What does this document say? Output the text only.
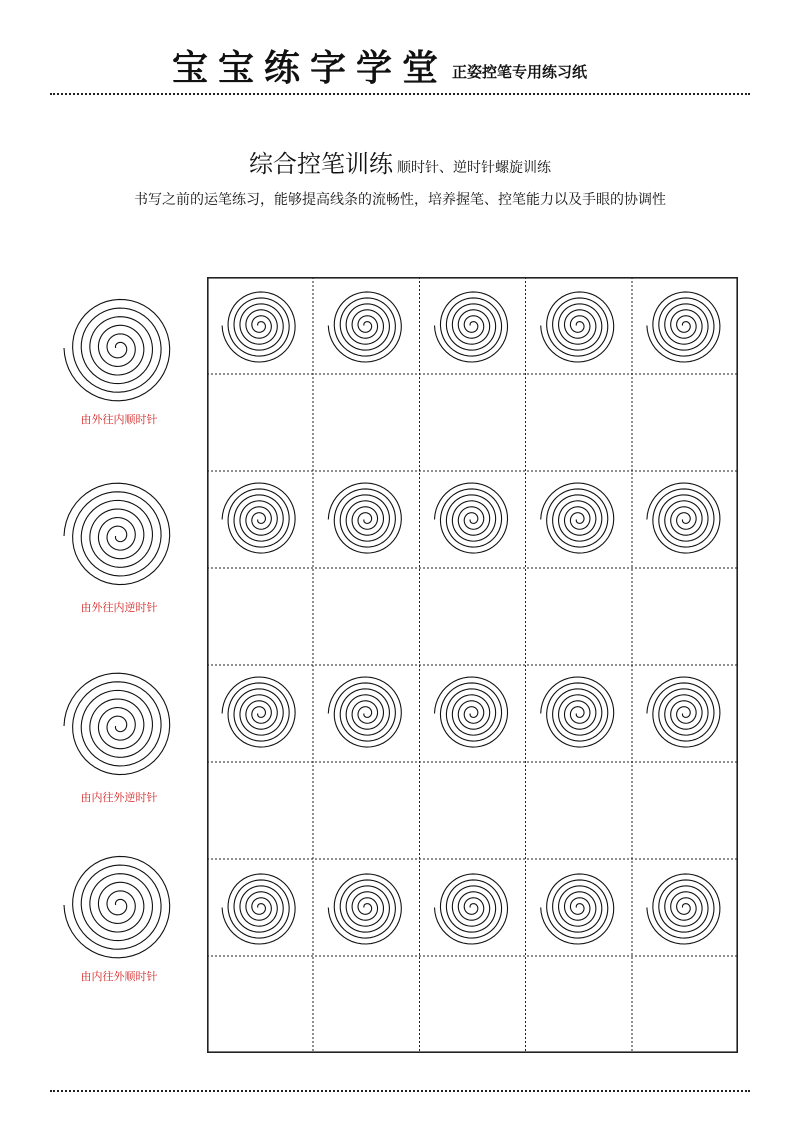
宝宝练字学堂 正姿控笔专用练习纸
综合控笔训练 顺时针、逆时针螺旋训练
书写之前的运笔练习，能够提高线条的流畅性，培养握笔、控笔能力以及手眼的协调性
由外往内顺时针
由外往内逆时针
由内往外逆时针
由内往外顺时针
